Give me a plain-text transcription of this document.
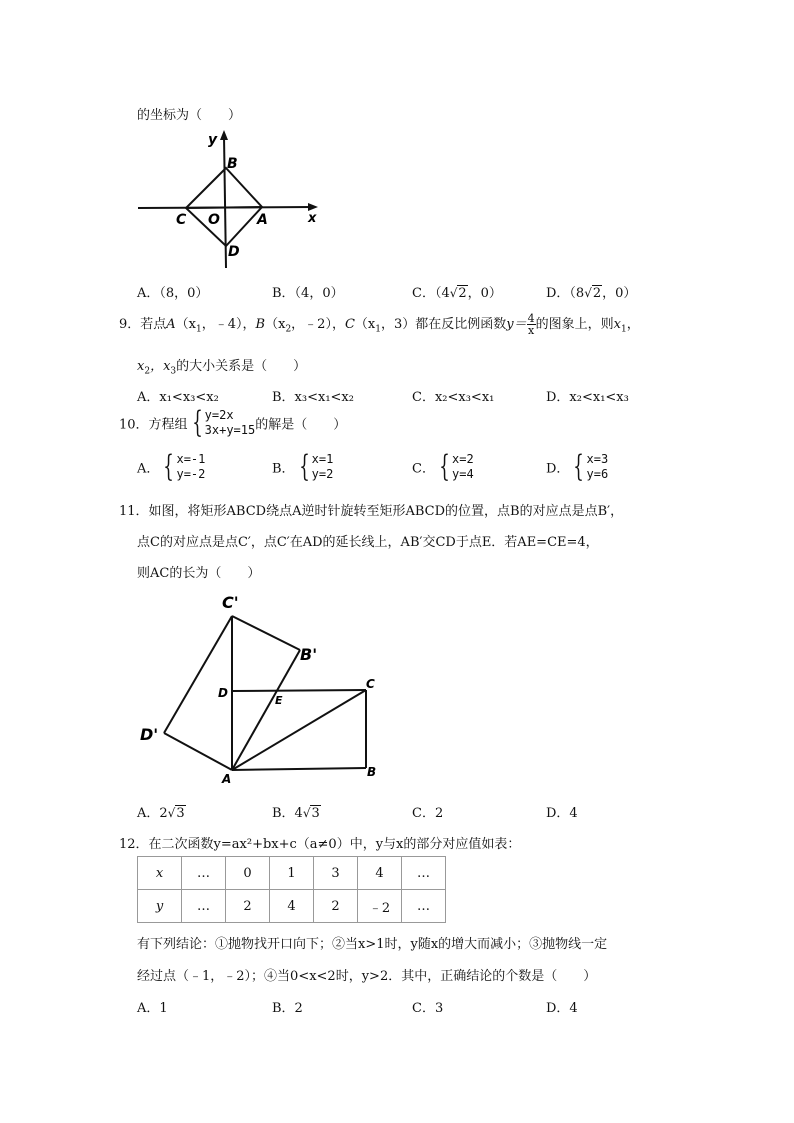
的坐标为（　　）
y
x
B
C O	A
D
A．（8，0）	B．（4，0）	C．（4√2，0）	D．（8√2，0）
9．若点$A(x_1$，﹣4），$B(x_2$，﹣2），$C(x_1$，3）都在反比例函数$y= \frac{4}{x}$ 的图象上，则$x_1$，
$x_2$，$x_3$的大小关系是（　　）
A．x₁<x₃<x₂	B．x₃<x₁<x₂	C．x₂<x₃<x₁	D．x₂<x₁<x₃
10．方程组 { y=2x
3x+y=15的解是（　　）
A． { x=-1
y=-2	B． { x=1
y=2	C． { x=2
y=4	D． { x=3
y=6
11．如图，将矩形ABCD绕点A逆时针旋转至矩形ABCD的位置，点B的对应点是点B′，
点C的对应点是点C′，点C′在AD的延长线上，AB′交CD于点E．若AE=CE=4，
则AC的长为（　　）
C'
B'
D
E
C
D'
A	B
A．2√3	B．4√3	C．2	D．4
12．在二次函数y=ax²+bx+c（a≠0）中，y与x的部分对应值如表：
x	…	0	1	3	4	…
y	…	2	4	2	﹣2	…
有下列结论：①抛物找开口向下；②当x>1时，y随x的增大而减小；③抛物线一定
经过点（﹣1，﹣2）；④当0<x<2时，y>2．其中，正确结论的个数是（　　）
A．1	B．2	C．3	D．4
